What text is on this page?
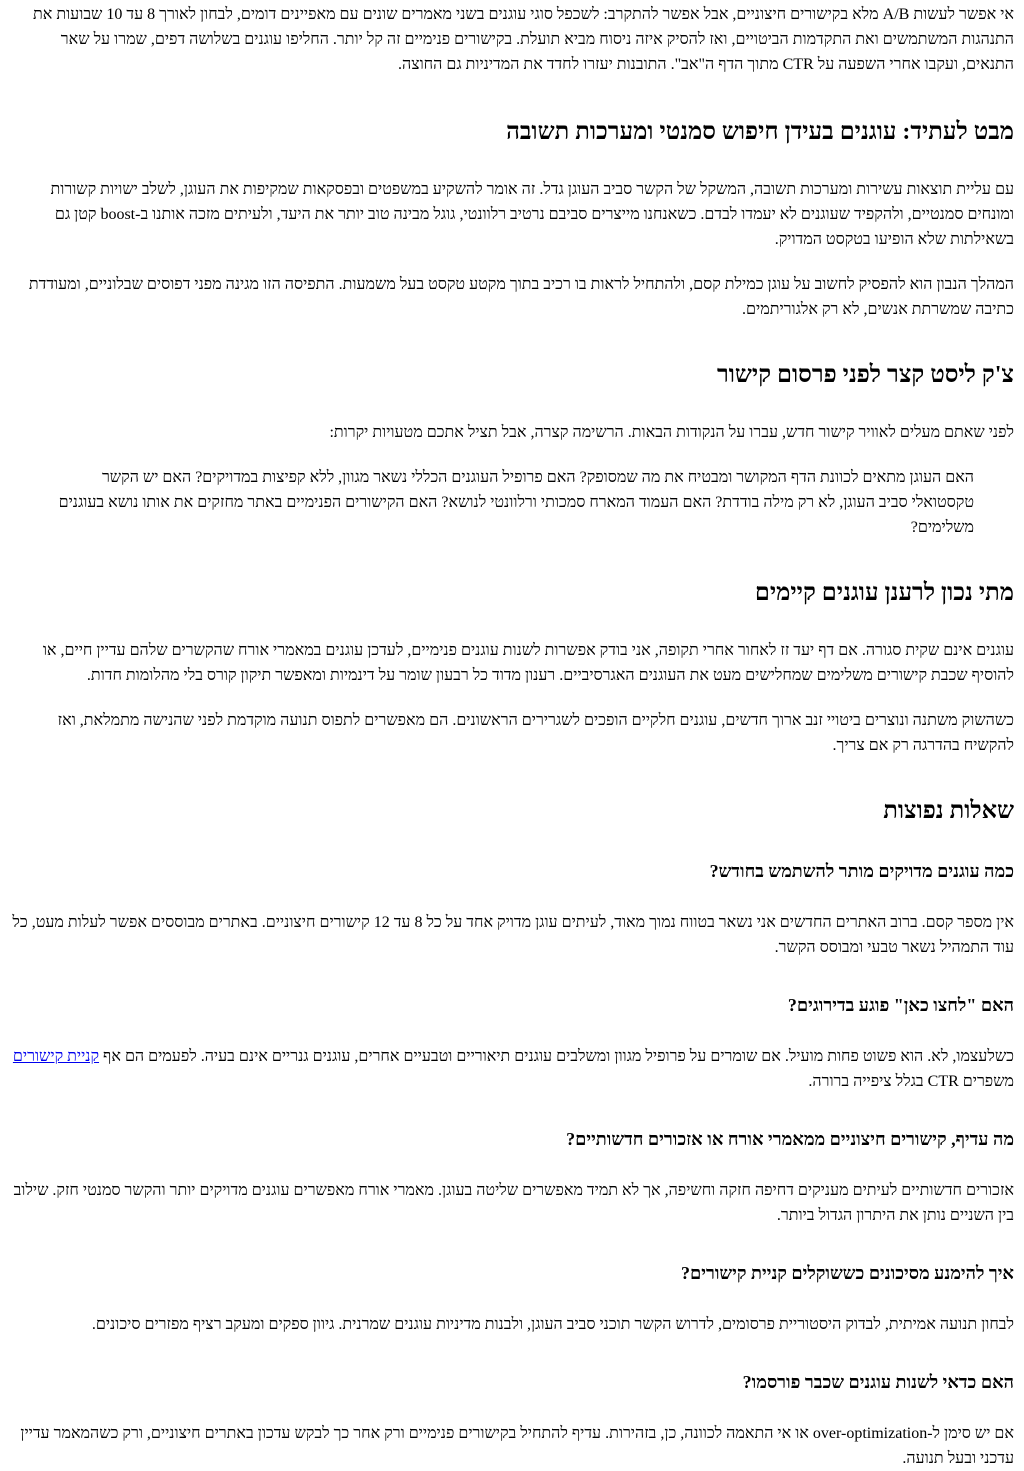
אי אפשר לעשות A/B מלא בקישורים חיצוניים, אבל אפשר להתקרב: לשכפל סוגי עוגנים בשני מאמרים שונים עם מאפיינים דומים, לבחון לאורך 8 עד 10 שבועות את התנהגות המשתמשים ואת התקדמות הביטויים, ואז להסיק איזה ניסוח מביא תועלת. בקישורים פנימיים זה קל יותר. החליפו עוגנים בשלושה דפים, שמרו על שאר התנאים, ועקבו אחרי השפעה על CTR מתוך הדף ה"אב". התובנות יעזרו לחדד את המדיניות גם החוצה.

מבט לעתיד: עוגנים בעידן חיפוש סמנטי ומערכות תשובה

עם עליית תוצאות עשירות ומערכות תשובה, המשקל של הקשר סביב העוגן גדל. זה אומר להשקיע במשפטים ובפסקאות שמקיפות את העוגן, לשלב ישויות קשורות ומונחים סמנטיים, ולהקפיד שעוגנים לא יעמדו לבדם. כשאנחנו מייצרים סביבם נרטיב רלוונטי, גוגל מבינה טוב יותר את היעד, ולעיתים מזכה אותנו ב-boost קטן גם בשאילתות שלא הופיעו בטקסט המדויק.

המהלך הנבון הוא להפסיק לחשוב על עוגן כמילת קסם, ולהתחיל לראות בו רכיב בתוך מקטע טקסט בעל משמעות. התפיסה הזו מגינה מפני דפוסים שבלוניים, ומעודדת כתיבה שמשרתת אנשים, לא רק אלגוריתמים.

צ'ק ליסט קצר לפני פרסום קישור

לפני שאתם מעלים לאוויר קישור חדש, עברו על הנקודות הבאות. הרשימה קצרה, אבל תציל אתכם מטעויות יקרות:

האם העוגן מתאים לכוונת הדף המקושר ומבטיח את מה שמסופק? האם פרופיל העוגנים הכללי נשאר מגוון, ללא קפיצות במדויקים? האם יש הקשר טקסטואלי סביב העוגן, לא רק מילה בודדת? האם העמוד המארח סמכותי ורלוונטי לנושא? האם הקישורים הפנימיים באתר מחזקים את אותו נושא בעוגנים משלימים?
מתי נכון לרענן עוגנים קיימים

עוגנים אינם שקית סגורה. אם דף יעד זז לאחור אחרי תקופה, אני בודק אפשרות לשנות עוגנים פנימיים, לעדכן עוגנים במאמרי אורח שהקשרים שלהם עדיין חיים, או להוסיף שכבת קישורים משלימים שמחלישים מעט את העוגנים האגרסיביים. רענון מדוד כל רבעון שומר על דינמיות ומאפשר תיקון קורס בלי מהלומות חדות.

כשהשוק משתנה ונוצרים ביטויי זנב ארוך חדשים, עוגנים חלקיים הופכים לשגרירים הראשונים. הם מאפשרים לתפוס תנועה מוקדמת לפני שהנישה מתמלאת, ואז להקשיח בהדרגה רק אם צריך.

שאלות נפוצות
כמה עוגנים מדויקים מותר להשתמש בחודש?

אין מספר קסם. ברוב האתרים החדשים אני נשאר בטווח נמוך מאוד, לעיתים עוגן מדויק אחד על כל 8 עד 12 קישורים חיצוניים. באתרים מבוססים אפשר לעלות מעט, כל עוד התמהיל נשאר טבעי ומבוסס הקשר.

האם "לחצו כאן" פוגע בדירוגים?

כשלעצמו, לא. הוא פשוט פחות מועיל. אם שומרים על פרופיל מגוון ומשלבים עוגנים תיאוריים וטבעיים אחרים, עוגנים גנריים אינם בעיה. לפעמים הם אף קניית קישורים משפרים CTR בגלל ציפייה ברורה.

מה עדיף, קישורים חיצוניים ממאמרי אורח או אזכורים חדשותיים?

אזכורים חדשותיים לעיתים מעניקים דחיפה חזקה וחשיפה, אך לא תמיד מאפשרים שליטה בעוגן. מאמרי אורח מאפשרים עוגנים מדויקים יותר והקשר סמנטי חזק. שילוב בין השניים נותן את היתרון הגדול ביותר.

איך להימנע מסיכונים כששוקלים קניית קישורים?

לבחון תנועה אמיתית, לבדוק היסטוריית פרסומים, לדרוש הקשר תוכני סביב העוגן, ולבנות מדיניות עוגנים שמרנית. גיוון ספקים ומעקב רציף מפזרים סיכונים.

האם כדאי לשנות עוגנים שכבר פורסמו?

אם יש סימן ל-over-optimization או אי התאמה לכוונה, כן, בזהירות. עדיף להתחיל בקישורים פנימיים ורק אחר כך לבקש עדכון באתרים חיצוניים, ורק כשהמאמר עדיין עדכני ובעל תנועה.
